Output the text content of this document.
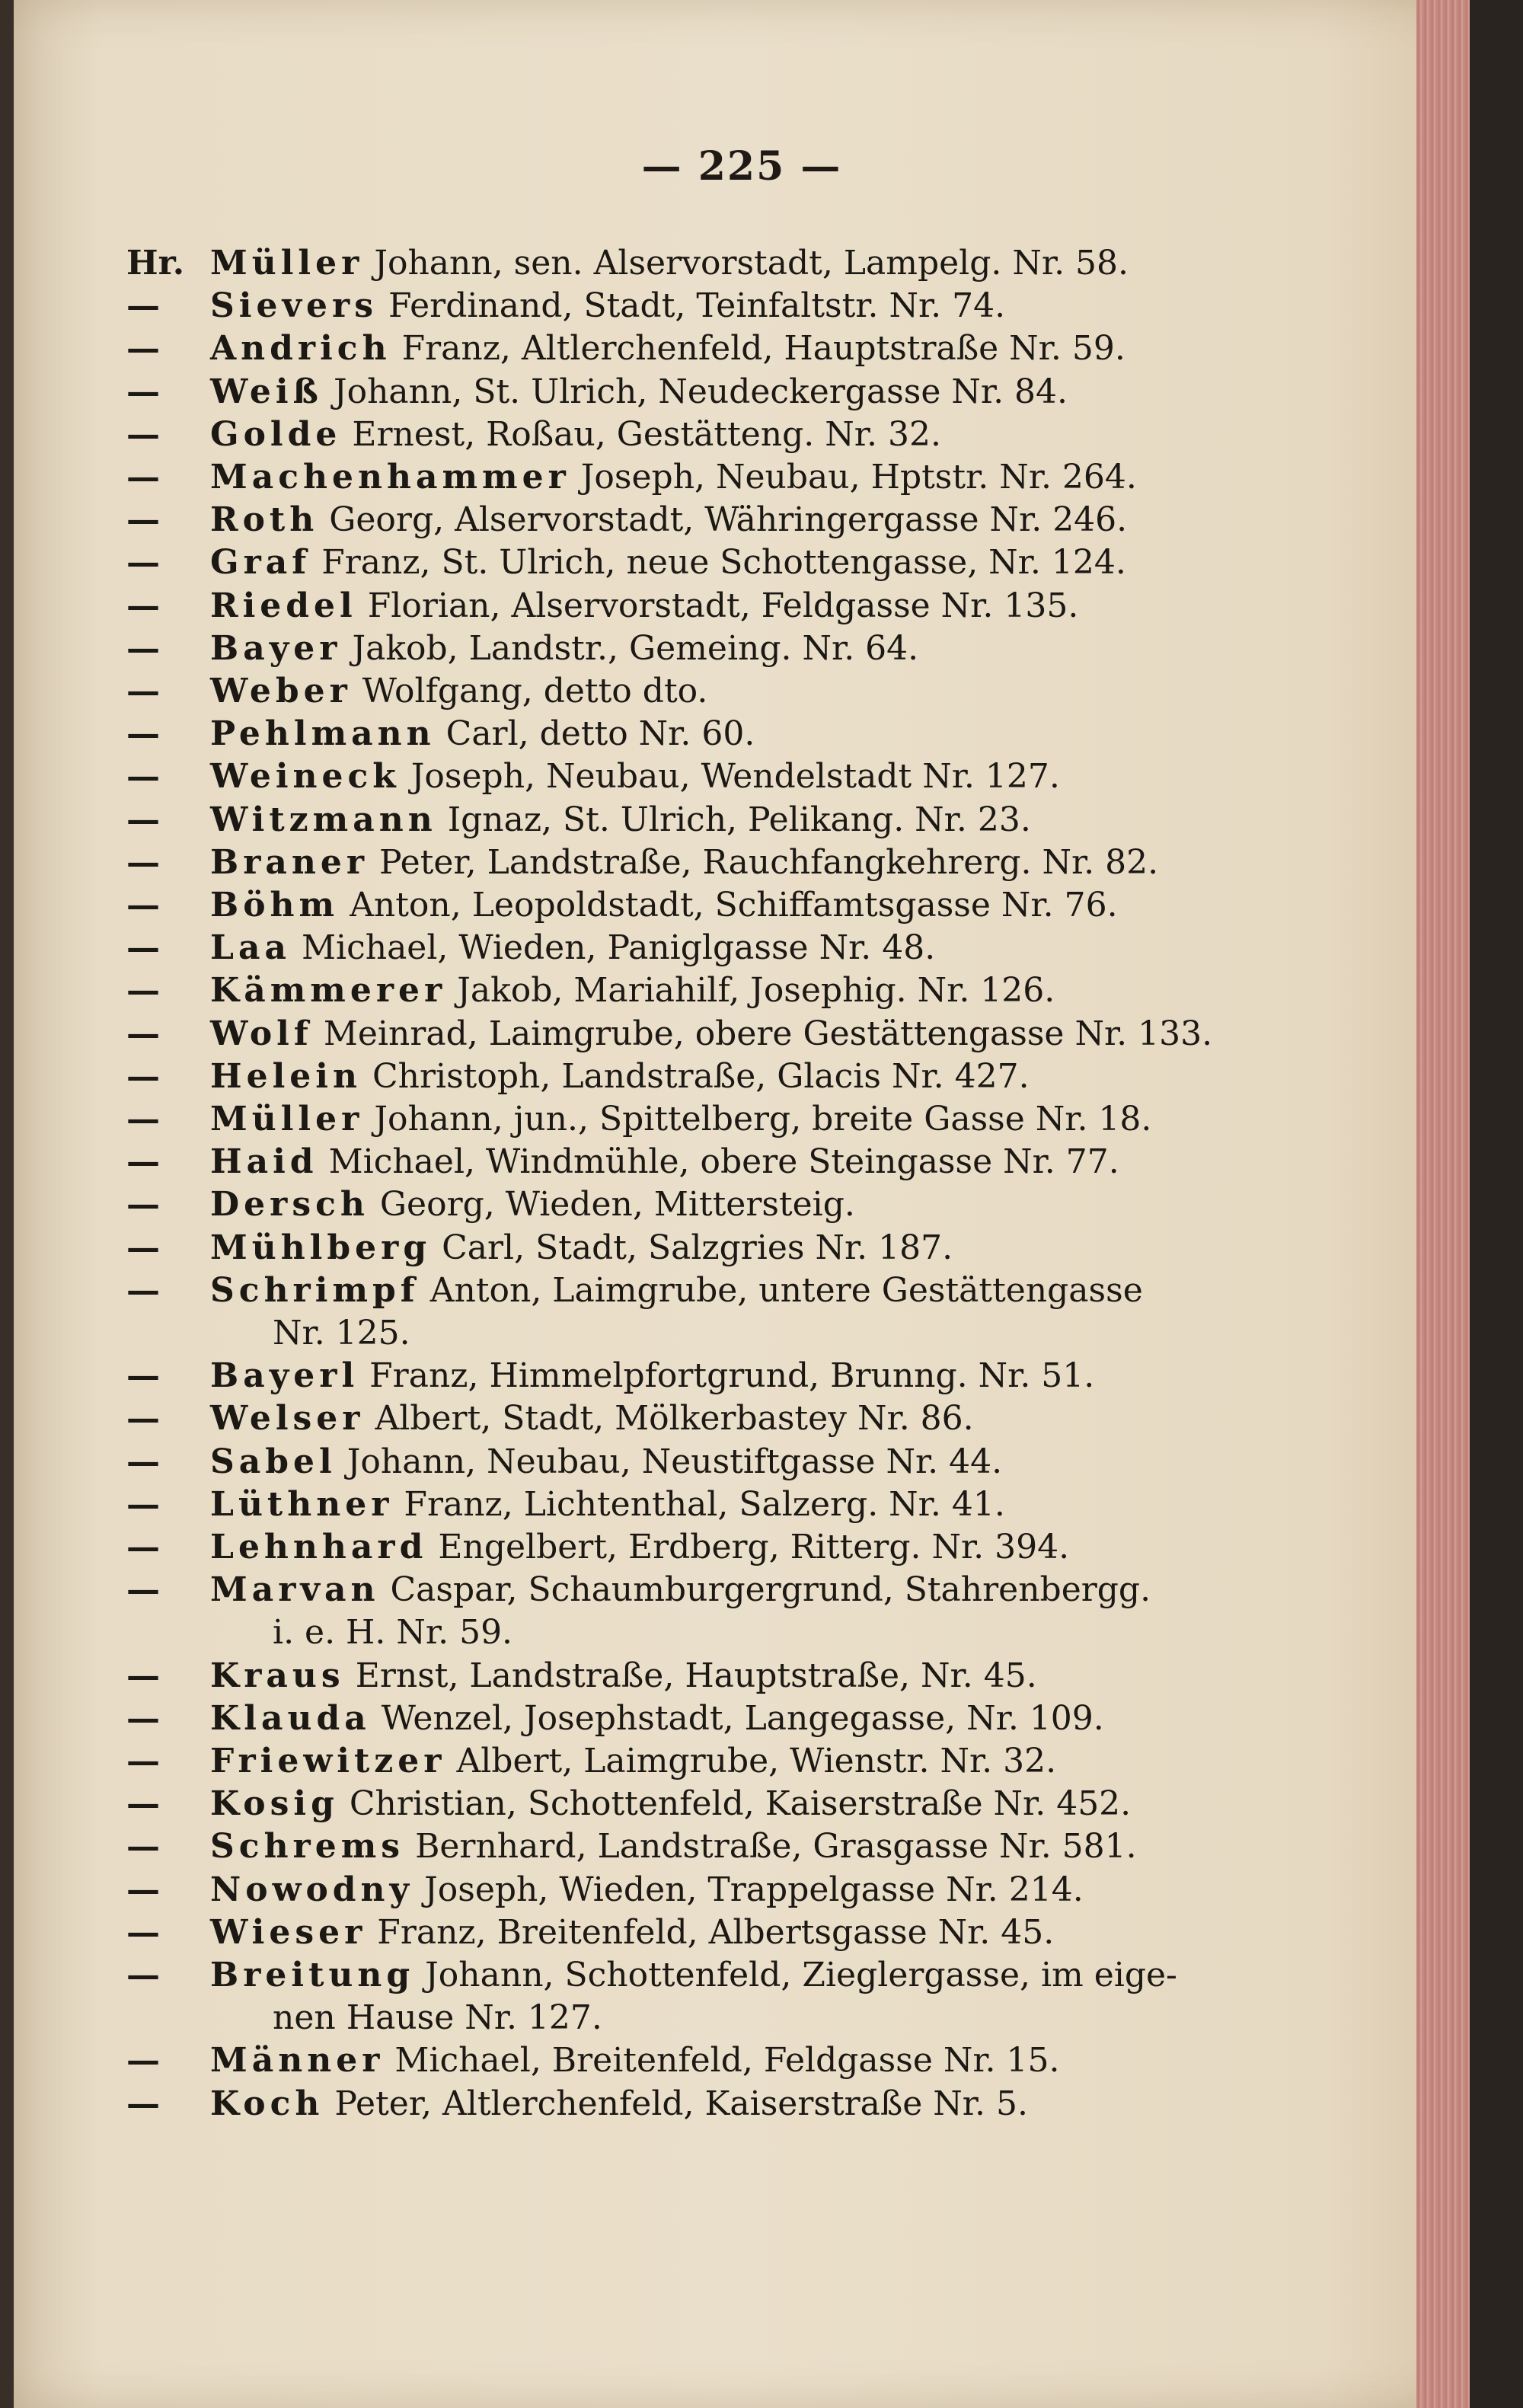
— 225 —
Hr. Müller Johann, sen. Alservorstadt, Lampelg. Nr. 58.
— Sievers Ferdinand, Stadt, Teinfaltstr. Nr. 74.
— Andrich Franz, Altlerchenfeld, Hauptstraße Nr. 59.
— Weiß Johann, St. Ulrich, Neudeckergasse Nr. 84.
— Golde Ernest, Roßau, Gestätteng. Nr. 32.
— Machenhammer Joseph, Neubau, Hptstr. Nr. 264.
— Roth Georg, Alservorstadt, Währingergasse Nr. 246.
— Graf Franz, St. Ulrich, neue Schottengasse, Nr. 124.
— Riedel Florian, Alservorstadt, Feldgasse Nr. 135.
— Bayer Jakob, Landstr., Gemeing. Nr. 64.
— Weber Wolfgang, detto dto.
— Pehlmann Carl, detto Nr. 60.
— Weineck Joseph, Neubau, Wendelstadt Nr. 127.
— Witzmann Ignaz, St. Ulrich, Pelikang. Nr. 23.
— Braner Peter, Landstraße, Rauchfangkehrerg. Nr. 82.
— Böhm Anton, Leopoldstadt, Schiffamtsgasse Nr. 76.
— Laa Michael, Wieden, Paniglgasse Nr. 48.
— Kämmerer Jakob, Mariahilf, Josephig. Nr. 126.
— Wolf Meinrad, Laimgrube, obere Gestättengasse Nr. 133.
— Helein Christoph, Landstraße, Glacis Nr. 427.
— Müller Johann, jun., Spittelberg, breite Gasse Nr. 18.
— Haid Michael, Windmühle, obere Steingasse Nr. 77.
— Dersch Georg, Wieden, Mittersteig.
— Mühlberg Carl, Stadt, Salzgries Nr. 187.
— Schrimpf Anton, Laimgrube, untere Gestättengasse
Nr. 125.
— Bayerl Franz, Himmelpfortgrund, Brunng. Nr. 51.
— Welser Albert, Stadt, Mölkerbastey Nr. 86.
— Sabel Johann, Neubau, Neustiftgasse Nr. 44.
— Lüthner Franz, Lichtenthal, Salzerg. Nr. 41.
— Lehnhard Engelbert, Erdberg, Ritterg. Nr. 394.
— Marvan Caspar, Schaumburgergrund, Stahrenbergg.
i. e. H. Nr. 59.
— Kraus Ernst, Landstraße, Hauptstraße, Nr. 45.
— Klauda Wenzel, Josephstadt, Langegasse, Nr. 109.
— Friewitzer Albert, Laimgrube, Wienstr. Nr. 32.
— Kosig Christian, Schottenfeld, Kaiserstraße Nr. 452.
— Schrems Bernhard, Landstraße, Grasgasse Nr. 581.
— Nowodny Joseph, Wieden, Trappelgasse Nr. 214.
— Wieser Franz, Breitenfeld, Albertsgasse Nr. 45.
— Breitung Johann, Schottenfeld, Zieglergasse, im eige-
nen Hause Nr. 127.
— Männer Michael, Breitenfeld, Feldgasse Nr. 15.
— Koch Peter, Altlerchenfeld, Kaiserstraße Nr. 5.
